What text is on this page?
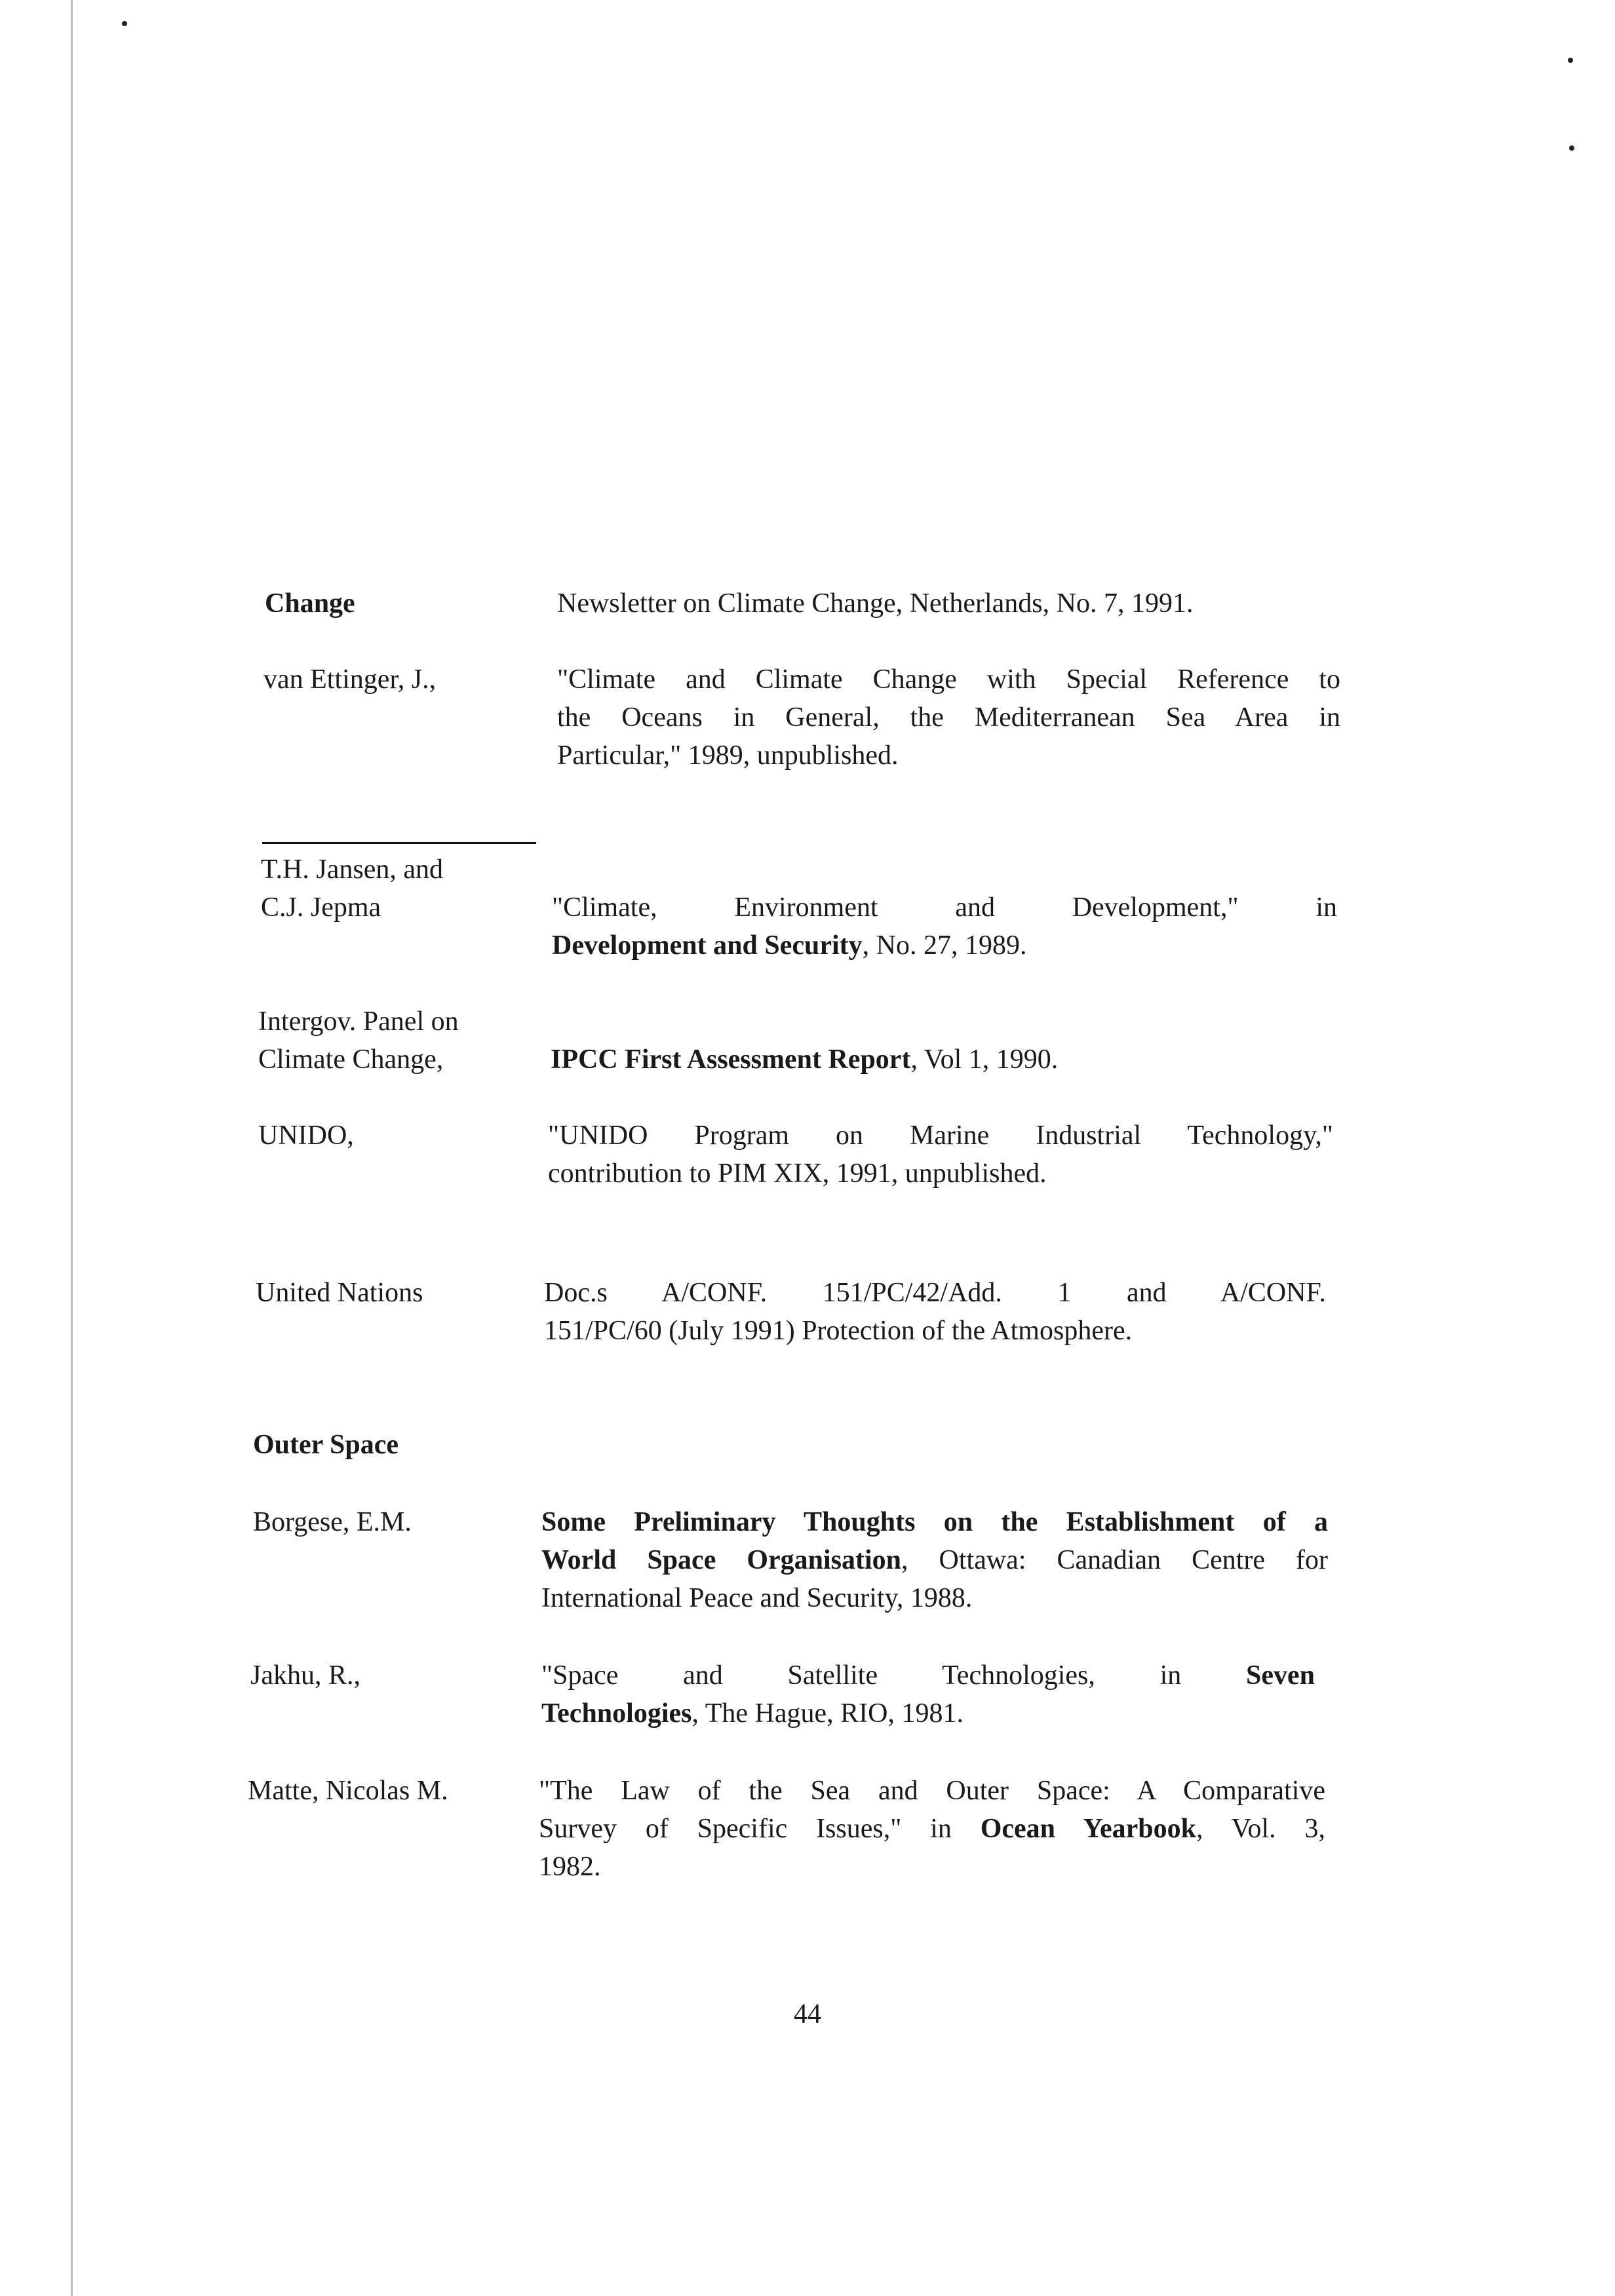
Change	Newsletter on Climate Change, Netherlands, No. 7, 1991.
van Ettinger, J.,	"Climate and Climate Change with Special Reference to
the Oceans in General, the Mediterranean Sea Area in
Particular," 1989, unpublished.
T.H. Jansen, and
C.J. Jepma	"Climate, Environment and Development," in
Development and Security, No. 27, 1989.
Intergov. Panel on
Climate Change,	IPCC First Assessment Report, Vol 1, 1990.
UNIDO,	"UNIDO Program on Marine Industrial Technology,"
contribution to PIM XIX, 1991, unpublished.
United Nations	Doc.s A/CONF. 151/PC/42/Add. 1 and A/CONF.
151/PC/60 (July 1991) Protection of the Atmosphere.
Outer Space
Borgese, E.M.	Some Preliminary Thoughts on the Establishment of a
World Space Organisation, Ottawa: Canadian Centre for
International Peace and Security, 1988.
Jakhu, R.,	"Space and Satellite Technologies, in Seven
Technologies, The Hague, RIO, 1981.
Matte, Nicolas M.	"The Law of the Sea and Outer Space: A Comparative
Survey of Specific Issues," in Ocean Yearbook, Vol. 3,
1982.
44
